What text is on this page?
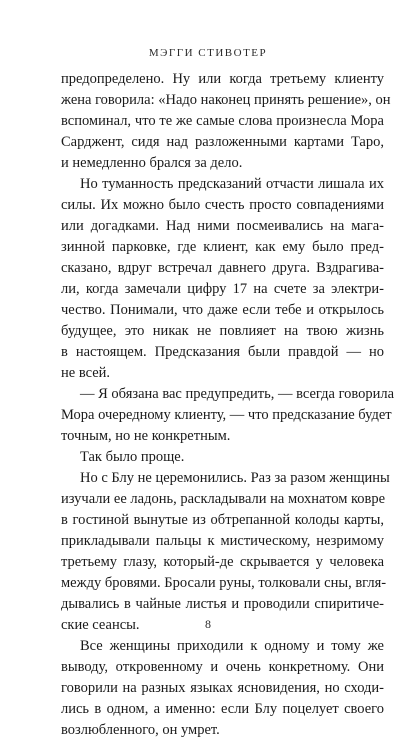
МЭГГИ СТИВОТЕР
предопределено. Ну или когда третьему клиенту
жена говорила: «Надо наконец принять решение», он
вспоминал, что те же самые слова произнесла Мора
Сарджент, сидя над разложенными картами Таро,
и немедленно брался за дело.
Но туманность предсказаний отчасти лишала их
силы. Их можно было счесть просто совпадениями
или догадками. Над ними посмеивались на мага-
зинной парковке, где клиент, как ему было пред-
сказано, вдруг встречал давнего друга. Вздрагива-
ли, когда замечали цифру 17 на счете за электри-
чество. Понимали, что даже если тебе и открылось
будущее, это никак не повлияет на твою жизнь
в настоящем. Предсказания были правдой — но
не всей.
— Я обязана вас предупредить, — всегда говорила
Мора очередному клиенту, — что предсказание будет
точным, но не конкретным.
Так было проще.
Но с Блу не церемонились. Раз за разом женщины
изучали ее ладонь, раскладывали на мохнатом ковре
в гостиной вынутые из обтрепанной колоды карты,
прикладывали пальцы к мистическому, незримому
третьему глазу, который-де скрывается у человека
между бровями. Бросали руны, толковали сны, вгля-
дывались в чайные листья и проводили спиритиче-
ские сеансы.
Все женщины приходили к одному и тому же
выводу, откровенному и очень конкретному. Они
говорили на разных языках ясновидения, но сходи-
лись в одном, а именно: если Блу поцелует своего
возлюбленного, он умрет.
8
